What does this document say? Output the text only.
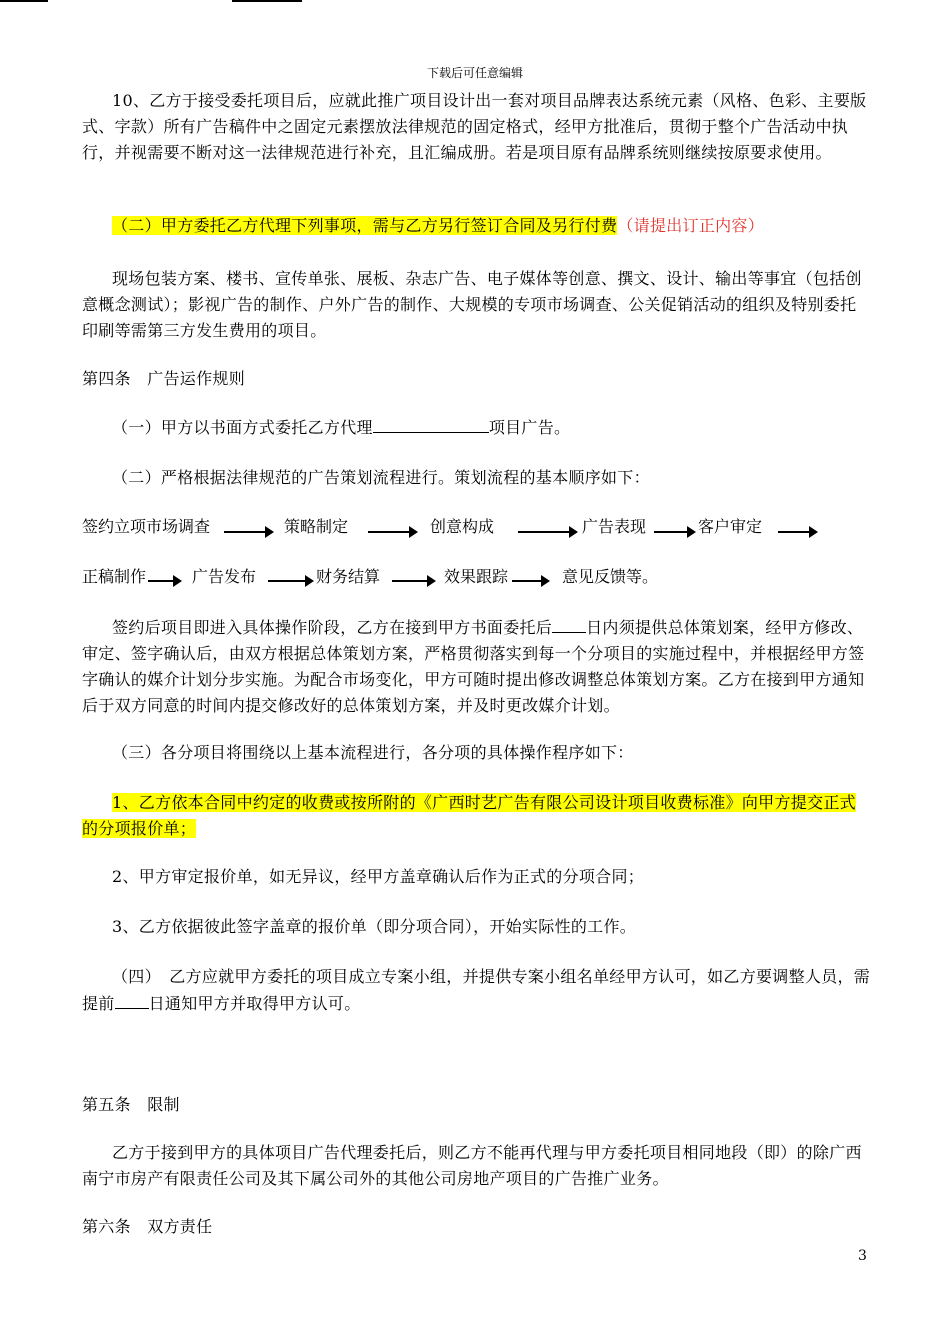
下载后可任意编辑

10、乙方于接受委托项目后，应就此推广项目设计出一套对项目品牌表达系统元素（风格、色彩、主要版式、字款）所有广告稿件中之固定元素摆放法律规范的固定格式，经甲方批准后，贯彻于整个广告活动中执行，并视需要不断对这一法律规范进行补充，且汇编成册。若是项目原有品牌系统则继续按原要求使用。

（二）甲方委托乙方代理下列事项，需与乙方另行签订合同及另行付费（请提出订正内容）

现场包装方案、楼书、宣传单张、展板、杂志广告、电子媒体等创意、撰文、设计、输出等事宜（包括创意概念测试）；影视广告的制作、户外广告的制作、大规模的专项市场调查、公关促销活动的组织及特别委托印刷等需第三方发生费用的项目。

第四条　广告运作规则

（一）甲方以书面方式委托乙方代理	项目广告。

（二）严格根据法律规范的广告策划流程进行。策划流程的基本顺序如下：

签约立项市场调查	策略制定	创意构成	广告表现	客户审定
正稿制作	广告发布	财务结算	效果跟踪	意见反馈等。

签约后项目即进入具体操作阶段，乙方在接到甲方书面委托后 日内须提供总体策划案，经甲方修改、审定、签字确认后，由双方根据总体策划方案，严格贯彻落实到每一个分项目的实施过程中，并根据经甲方签字确认的媒介计划分步实施。为配合市场变化，甲方可随时提出修改调整总体策划方案。乙方在接到甲方通知后于双方同意的时间内提交修改好的总体策划方案，并及时更改媒介计划。

（三）各分项目将围绕以上基本流程进行，各分项的具体操作程序如下：

1、乙方依本合同中约定的收费或按所附的《广西时艺广告有限公司设计项目收费标准》向甲方提交正式的分项报价单；

2、甲方审定报价单，如无异议，经甲方盖章确认后作为正式的分项合同；

3、乙方依据彼此签字盖章的报价单（即分项合同），开始实际性的工作。

（四）　乙方应就甲方委托的项目成立专案小组，并提供专案小组名单经甲方认可，如乙方要调整人员，需提前 日通知甲方并取得甲方认可。

第五条　限制

乙方于接到甲方的具体项目广告代理委托后，则乙方不能再代理与甲方委托项目相同地段（即）的除广西南宁市房产有限责任公司及其下属公司外的其他公司房地产项目的广告推广业务。

第六条　双方责任

3
